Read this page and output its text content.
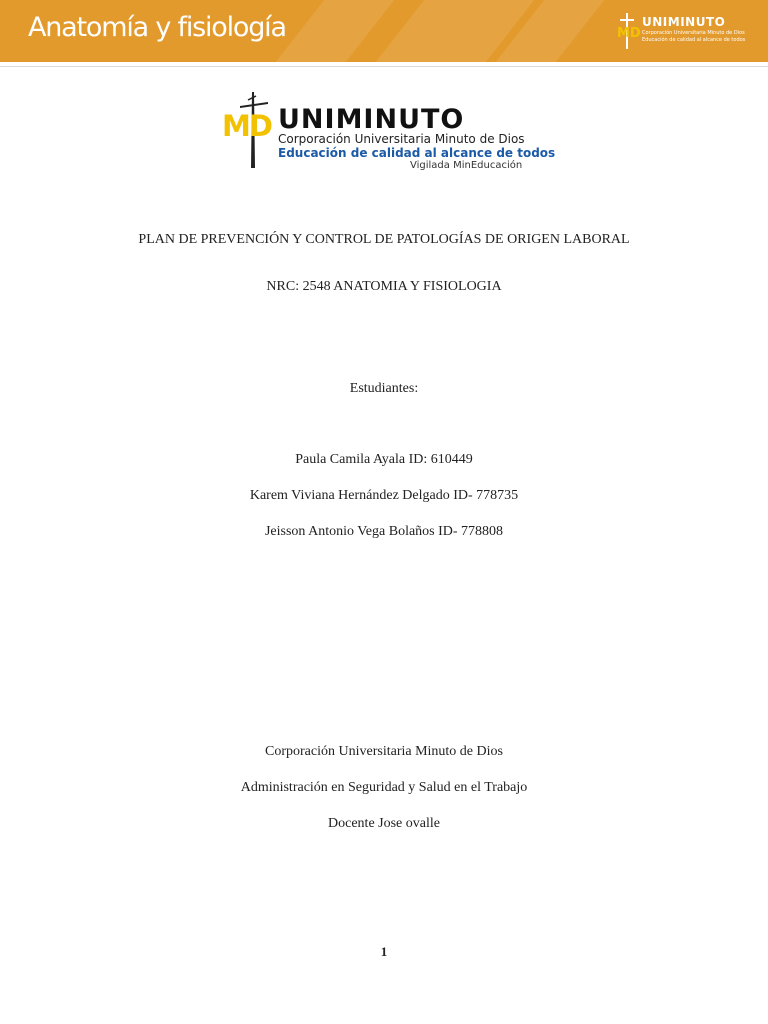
Anatomía y fisiología	MD
UNIMINUTO
Corporación Universitaria Minuto de Dios
Educación de calidad al alcance de todos
MD UNIMINUTO
Corporación Universitaria Minuto de Dios
Educación de calidad al alcance de todos
Vigilada MinEducación
PLAN DE PREVENCIÓN Y CONTROL DE PATOLOGÍAS DE ORIGEN LABORAL
NRC: 2548 ANATOMIA Y FISIOLOGIA
Estudiantes:
Paula Camila Ayala ID: 610449
Karem Viviana Hernández Delgado ID- 778735
Jeisson Antonio Vega Bolaños ID- 778808
Corporación Universitaria Minuto de Dios
Administración en Seguridad y Salud en el Trabajo
Docente Jose ovalle
1
